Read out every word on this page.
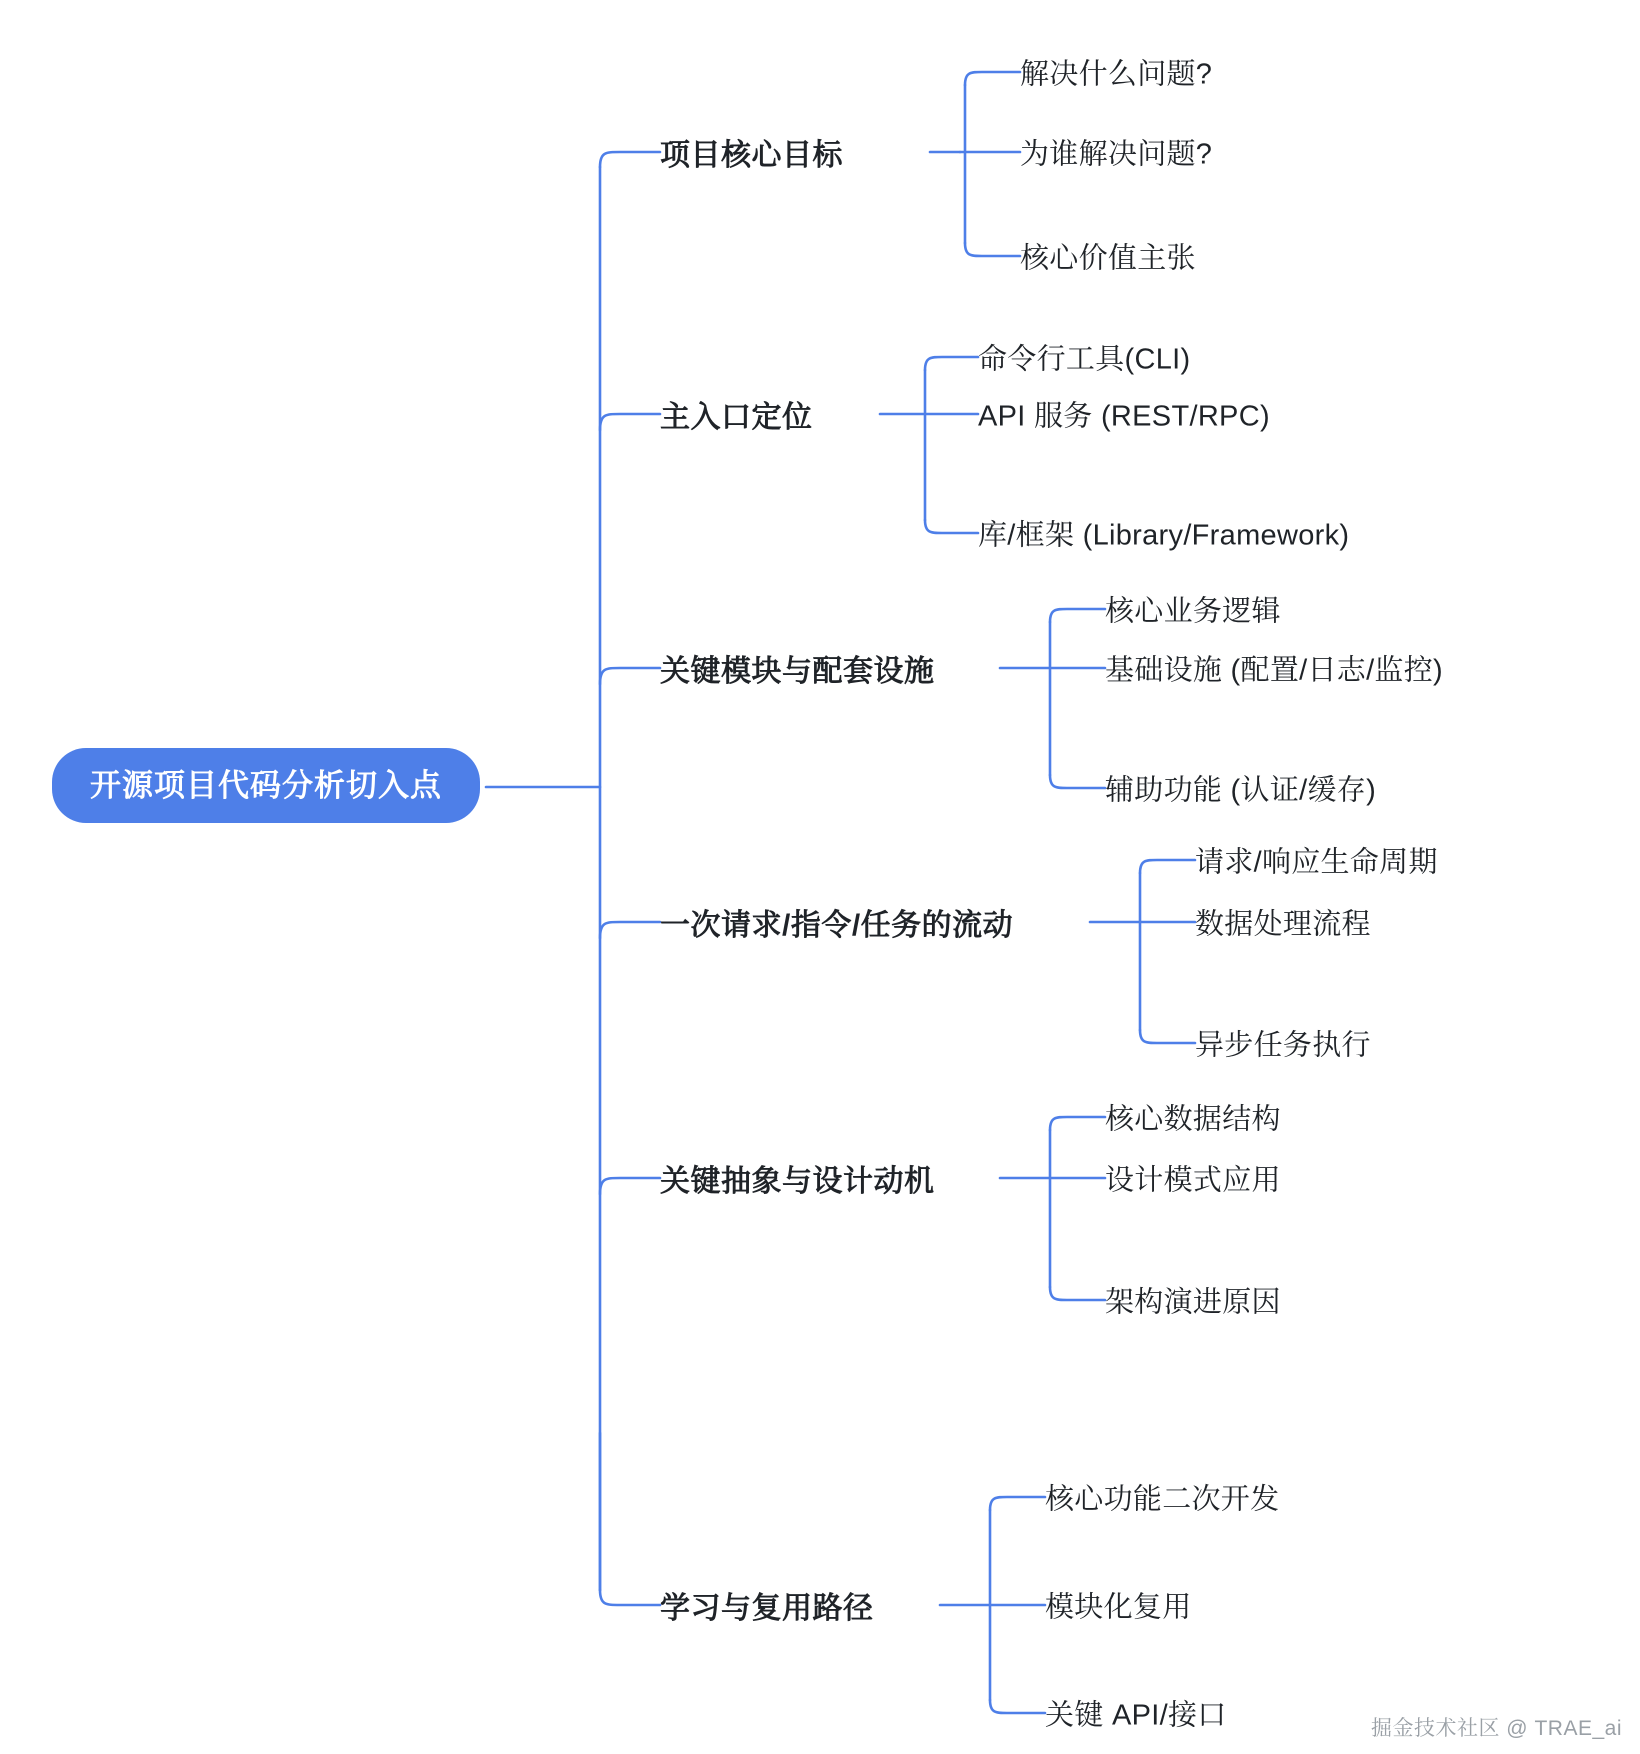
开源项目代码分析切入点
项目核心目标
解决什么问题?
为谁解决问题?
核心价值主张
主入口定位
命令行工具(CLI)
API 服务 (REST/RPC)
库/框架 (Library/Framework)
关键模块与配套设施
核心业务逻辑
基础设施 (配置/日志/监控)
辅助功能 (认证/缓存)
一次请求/指令/任务的流动
请求/响应生命周期
数据处理流程
异步任务执行
关键抽象与设计动机
核心数据结构
设计模式应用
架构演进原因
学习与复用路径
核心功能二次开发
模块化复用
关键 API/接口	掘金技术社区 @ TRAE_ai
